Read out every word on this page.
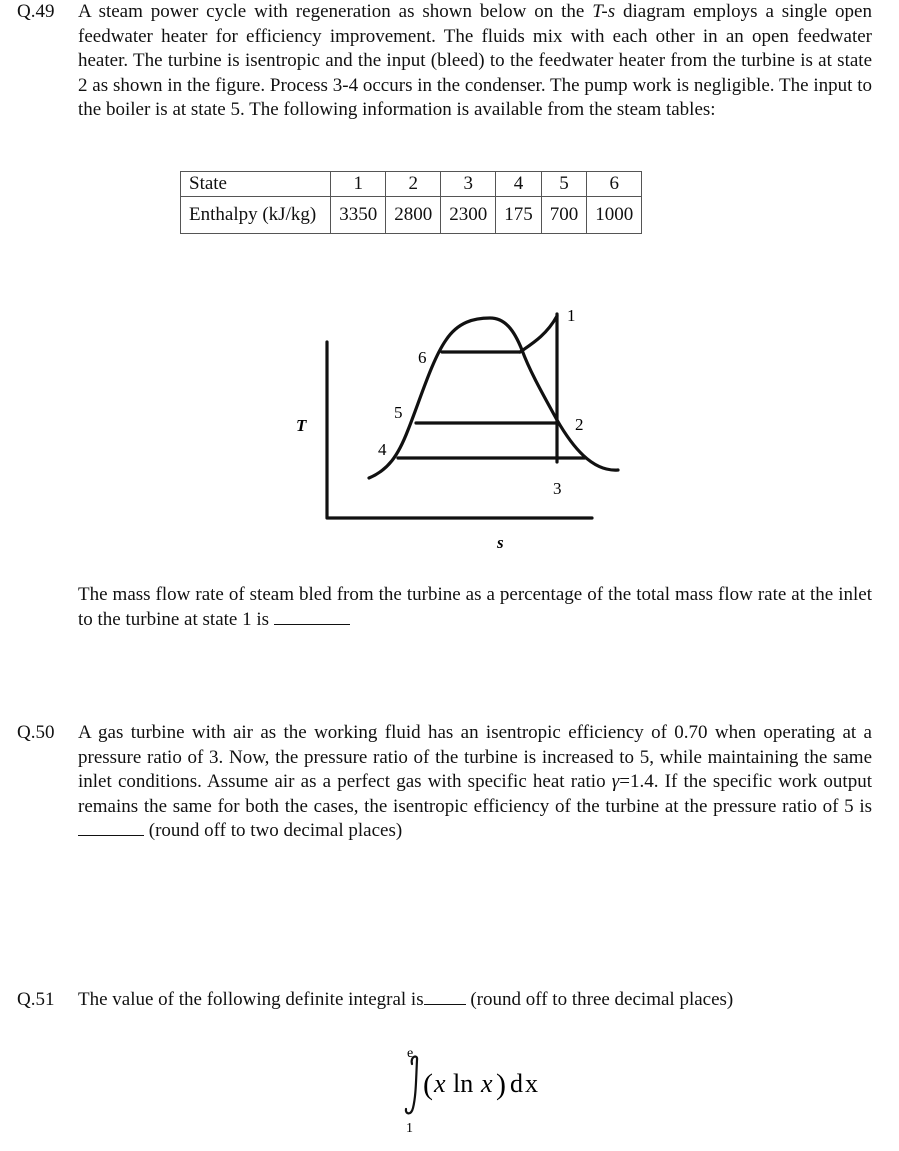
Q.49 A steam power cycle with regeneration as shown below on the T-s diagram employs a single open feedwater heater for efficiency improvement. The fluids mix with each other in an open feedwater heater. The turbine is isentropic and the input (bleed) to the feedwater heater from the turbine is at state 2 as shown in the figure. Process 3-4 occurs in the condenser. The pump work is negligible. The input to the boiler is at state 5. The following information is available from the steam tables:
State	1	2	3	4	5	6
Enthalpy (kJ/kg)	3350	2800	2300	175	700	1000
T
s
1
2
3
4
5
6
The mass flow rate of steam bled from the turbine as a percentage of the total mass flow rate at the inlet to the turbine at state 1 is
Q.50 A gas turbine with air as the working fluid has an isentropic efficiency of 0.70 when operating at a pressure ratio of 3. Now, the pressure ratio of the turbine is increased to 5, while maintaining the same inlet conditions. Assume air as a perfect gas with specific heat ratio γ=1.4. If the specific work output remains the same for both the cases, the isentropic efficiency of the turbine at the pressure ratio of 5 is  (round off to two decimal places)
Q.51 The value of the following definite integral is (round off to three decimal places)
e
1
( x ln x ) d x
